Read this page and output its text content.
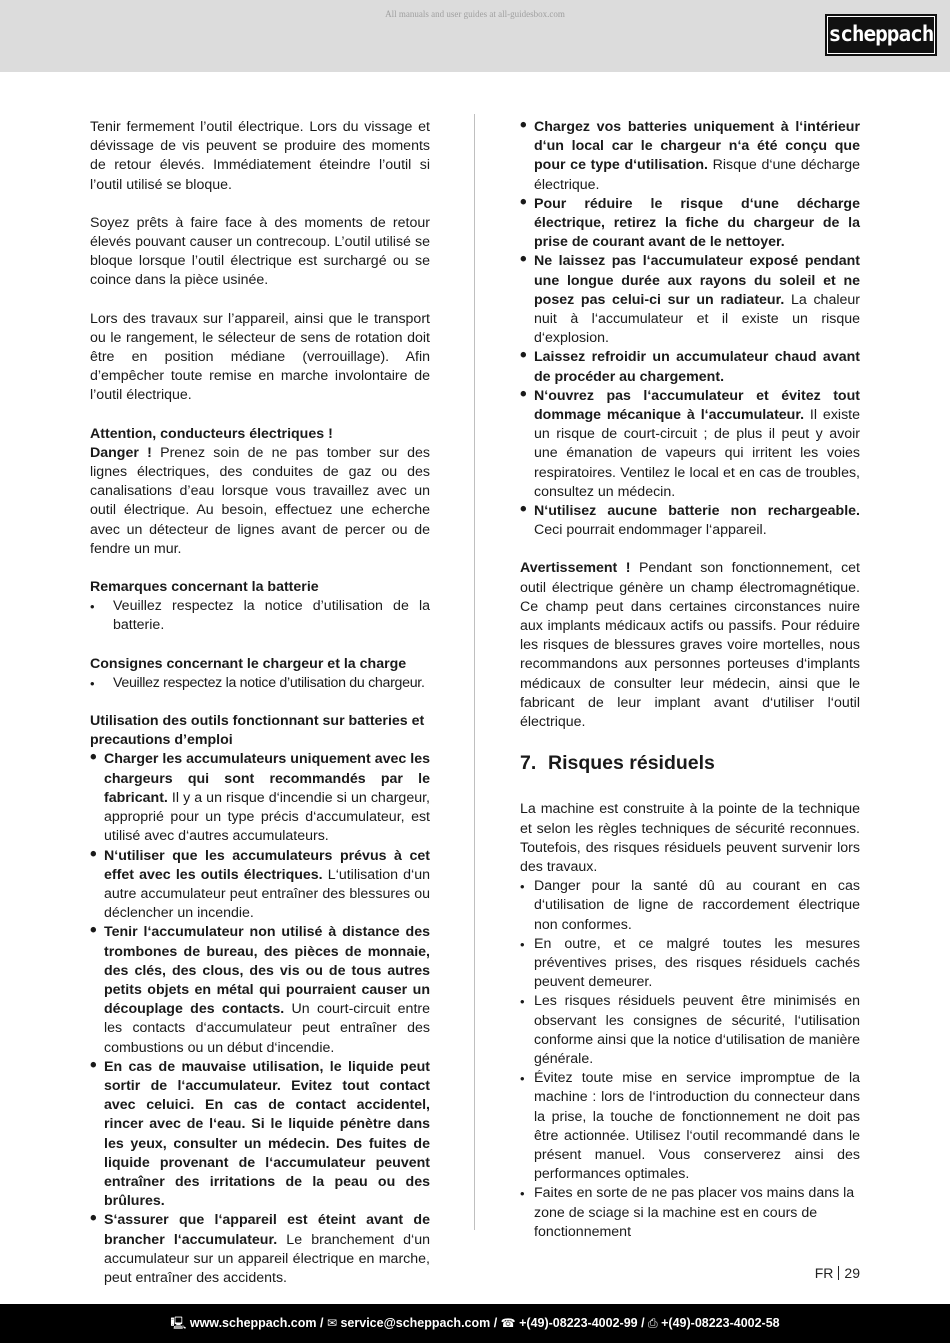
All manuals and user guides at all-guidesbox.com
scheppach

Tenir fermement l’outil électrique. Lors du vissage et dévissage de vis peuvent se produire des moments de retour élevés. Immédiatement éteindre l’outil si l’outil utilisé se bloque.

Soyez prêts à faire face à des moments de retour élevés pouvant causer un contrecoup. L’outil utilisé se bloque lorsque l’outil électrique est surchargé ou se coince dans la pièce usinée.

Lors des travaux sur l’appareil, ainsi que le transport ou le rangement, le sélecteur de sens de rotation doit être en position médiane (verrouillage). Afin d’empêcher toute remise en marche involontaire de l’outil électrique.

Attention, conducteurs électriques !

Danger ! Prenez soin de ne pas tomber sur des lignes électriques, des conduites de gaz ou des canalisations d’eau lorsque vous travaillez avec un outil électrique. Au besoin, effectuez une echerche avec un détecteur de lignes avant de percer ou de fendre un mur.

Remarques concernant la batterie
• Veuillez respectez la notice d’utilisation de la batterie.
Consignes concernant le chargeur et la charge
• Veuillez respectez la notice d’utilisation du chargeur.
Utilisation des outils fonctionnant sur batteries et precautions d’emploi
• Charger les accumulateurs uniquement avec les chargeurs qui sont recommandés par le fabricant. Il y a un risque d‘incendie si un chargeur, approprié pour un type précis d‘accumulateur, est utilisé avec d‘autres accumulateurs.
• N‘utiliser que les accumulateurs prévus à cet effet avec les outils électriques. L‘utilisation d‘un autre accumulateur peut entraîner des blessures ou déclencher un incendie.
• Tenir l‘accumulateur non utilisé à distance des trombones de bureau, des pièces de monnaie, des clés, des clous, des vis ou de tous autres petits objets en métal qui pourraient causer un découplage des contacts. Un court-circuit entre les contacts d‘accumulateur peut entraîner des combustions ou un début d‘incendie.
• En cas de mauvaise utilisation, le liquide peut sortir de l‘accumulateur. Evitez tout contact avec celuici. En cas de contact accidentel, rincer avec de l‘eau. Si le liquide pénètre dans les yeux, consulter un médecin. Des fuites de liquide provenant de l‘accumulateur peuvent entraîner des irritations de la peau ou des brûlures.
• S‘assurer que l‘appareil est éteint avant de brancher l‘accumulateur. Le branchement d‘un accumulateur sur un appareil électrique en marche, peut entraîner des accidents.
• Chargez vos batteries uniquement à l‘intérieur d‘un local car le chargeur n‘a été conçu que pour ce type d‘utilisation. Risque d‘une décharge électrique.
• Pour réduire le risque d‘une décharge électrique, retirez la fiche du chargeur de la prise de courant avant de le nettoyer.
• Ne laissez pas l‘accumulateur exposé pendant une longue durée aux rayons du soleil et ne posez pas celui-ci sur un radiateur. La chaleur nuit à l‘accumulateur et il existe un risque d‘explosion.
• Laissez refroidir un accumulateur chaud avant de procéder au chargement.
• N‘ouvrez pas l‘accumulateur et évitez tout dommage mécanique à l‘accumulateur. Il existe un risque de court-circuit ; de plus il peut y avoir une émanation de vapeurs qui irritent les voies respiratoires. Ventilez le local et en cas de troubles, consultez un médecin.
• N‘utilisez aucune batterie non rechargeable. Ceci pourrait endommager l‘appareil.

Avertissement ! Pendant son fonctionnement, cet outil électrique génère un champ électromagnétique. Ce champ peut dans certaines circonstances nuire aux implants médicaux actifs ou passifs. Pour réduire les risques de blessures graves voire mortelles, nous recommandons aux personnes porteuses d‘implants médicaux de consulter leur médecin, ainsi que le fabricant de leur implant avant d‘utiliser l‘outil électrique.

7. Risques résiduels

La machine est construite à la pointe de la technique et selon les règles techniques de sécurité reconnues. Toutefois, des risques résiduels peuvent survenir lors des travaux.

• Danger pour la santé dû au courant en cas d‘utilisation de ligne de raccordement électrique non conformes.
• En outre, et ce malgré toutes les mesures préventives prises, des risques résiduels cachés peuvent demeurer.
• Les risques résiduels peuvent être minimisés en observant les consignes de sécurité, l‘utilisation conforme ainsi que la notice d‘utilisation de manière générale.
• Évitez toute mise en service impromptue de la machine : lors de l‘introduction du connecteur dans la prise, la touche de fonctionnement ne doit pas être actionnée. Utilisez l‘outil recommandé dans le présent manuel. Vous conserverez ainsi des performances optimales.
• Faites en sorte de ne pas placer vos mains dans la zone de sciage si la machine est en cours de fonctionnement
FR 29
🖳 www.scheppach.com / ✉ service@scheppach.com / ☎ +(49)-08223-4002-99 / ⎙ +(49)-08223-4002-58
